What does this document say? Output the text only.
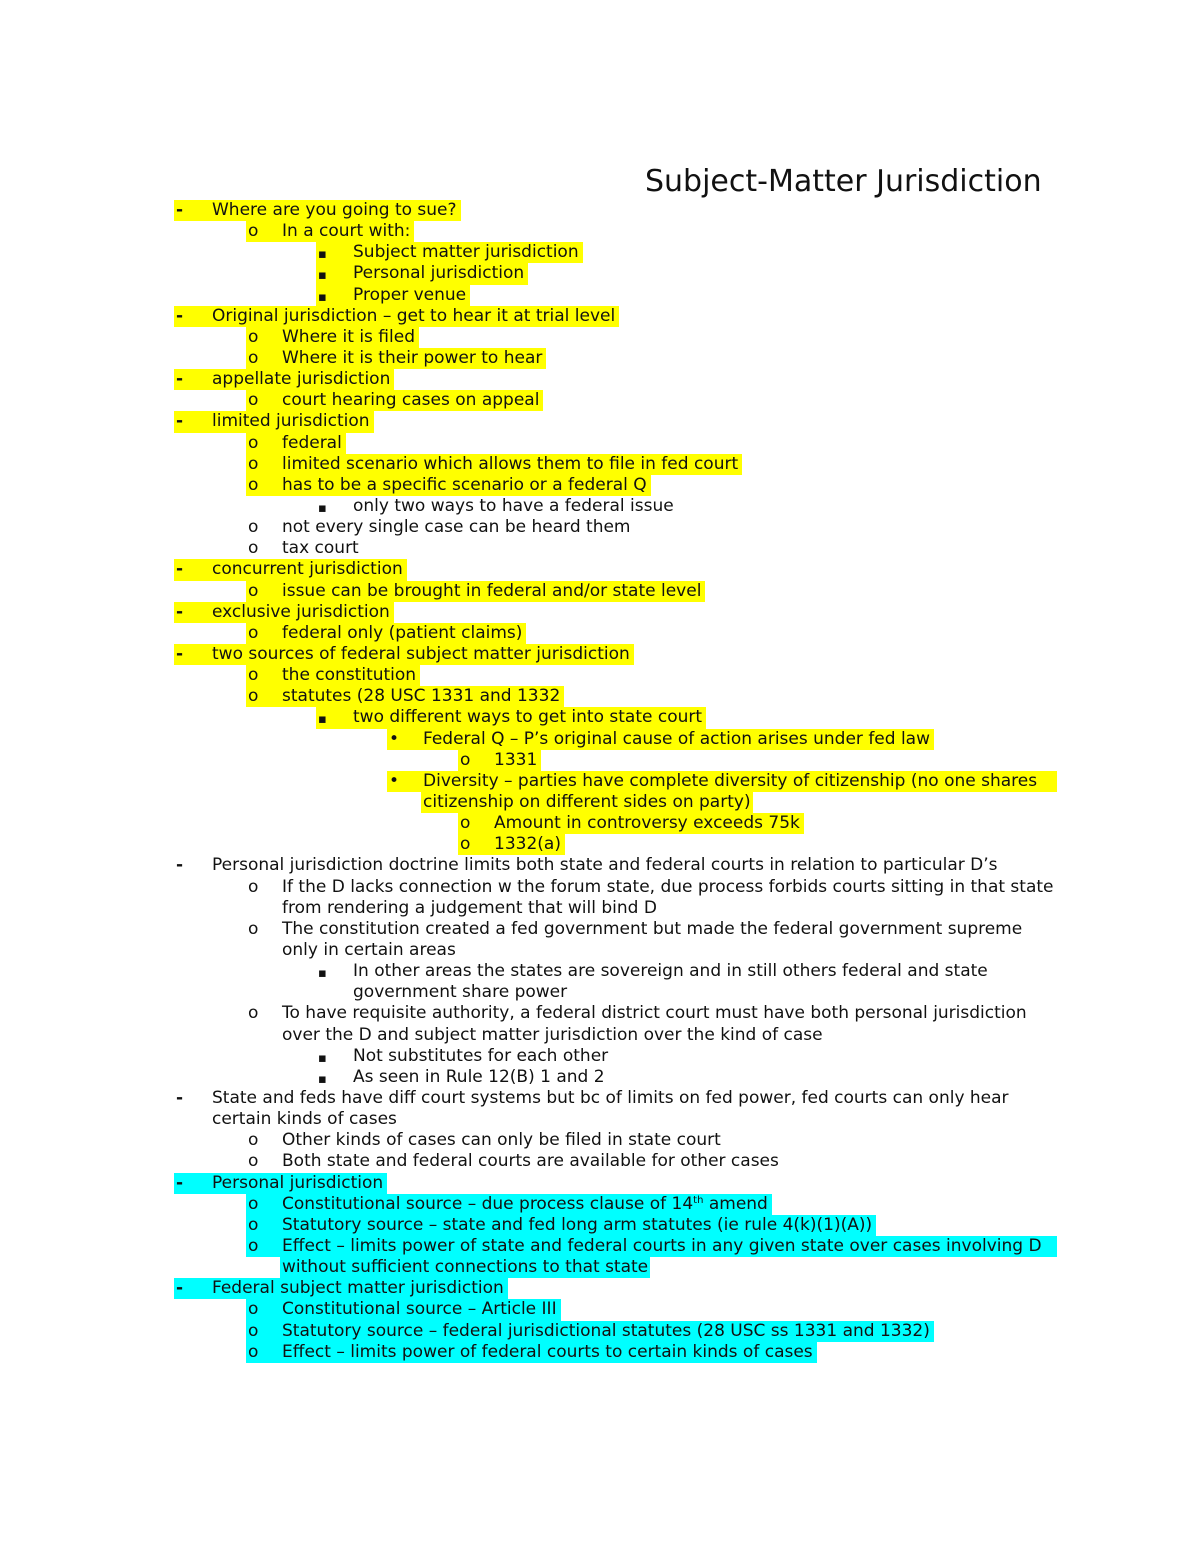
Subject-Matter Jurisdiction
- Where are you going to sue?
o In a court with:
▪ Subject matter jurisdiction
▪ Personal jurisdiction
▪ Proper venue
- Original jurisdiction – get to hear it at trial level
o Where it is filed
o Where it is their power to hear
- appellate jurisdiction
o court hearing cases on appeal
- limited jurisdiction
o federal
o limited scenario which allows them to file in fed court
o has to be a specific scenario or a federal Q
▪ only two ways to have a federal issue
o not every single case can be heard them
o tax court
- concurrent jurisdiction
o issue can be brought in federal and/or state level
- exclusive jurisdiction
o federal only (patient claims)
- two sources of federal subject matter jurisdiction
o the constitution
o statutes (28 USC 1331 and 1332
▪ two different ways to get into state court
• Federal Q – P’s original cause of action arises under fed law
o 1331
• Diversity – parties have complete diversity of citizenship (no one shares citizenship on different sides on party)
o Amount in controversy exceeds 75k
o 1332(a)
- Personal jurisdiction doctrine limits both state and federal courts in relation to particular D’s
o If the D lacks connection w the forum state, due process forbids courts sitting in that state from rendering a judgement that will bind D
o The constitution created a fed government but made the federal government supreme only in certain areas
▪ In other areas the states are sovereign and in still others federal and state government share power
o To have requisite authority, a federal district court must have both personal jurisdiction over the D and subject matter jurisdiction over the kind of case
▪ Not substitutes for each other
▪ As seen in Rule 12(B) 1 and 2
- State and feds have diff court systems but bc of limits on fed power, fed courts can only hear certain kinds of cases
o Other kinds of cases can only be filed in state court
o Both state and federal courts are available for other cases
- Personal jurisdiction
o Constitutional source – due process clause of 14th amend
o Statutory source – state and fed long arm statutes (ie rule 4(k)(1)(A))
o Effect – limits power of state and federal courts in any given state over cases involving D without sufficient connections to that state
- Federal subject matter jurisdiction
o Constitutional source – Article III
o Statutory source – federal jurisdictional statutes (28 USC ss 1331 and 1332)
o Effect – limits power of federal courts to certain kinds of cases
